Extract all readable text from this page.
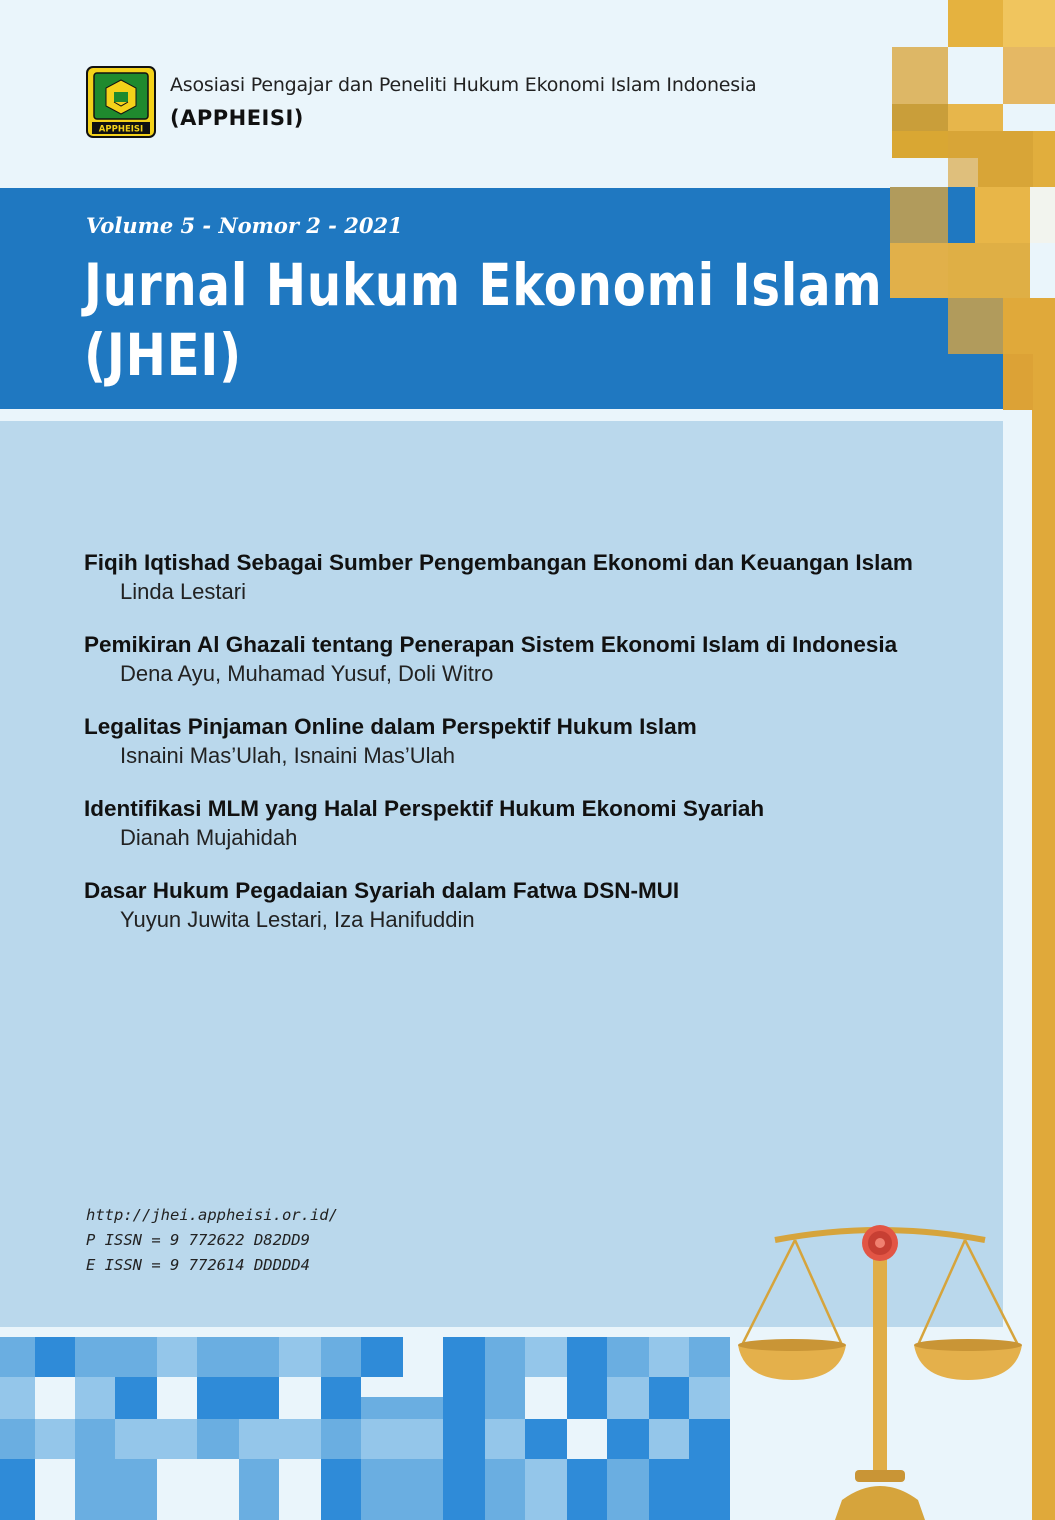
APPHEISI
Asosiasi Pengajar dan Peneliti Hukum Ekonomi Islam Indonesia
(APPHEISI)
Volume 5 - Nomor 2 - 2021
Jurnal Hukum Ekonomi Islam
(JHEI)
Fiqih Iqtishad Sebagai Sumber Pengembangan Ekonomi dan Keuangan Islam
Linda Lestari
Pemikiran Al Ghazali tentang Penerapan Sistem Ekonomi Islam di Indonesia
Dena Ayu, Muhamad Yusuf, Doli Witro
Legalitas Pinjaman Online dalam Perspektif Hukum Islam
Isnaini Mas’Ulah, Isnaini Mas’Ulah
Identifikasi MLM yang Halal Perspektif Hukum Ekonomi Syariah
Dianah Mujahidah
Dasar Hukum Pegadaian Syariah dalam Fatwa DSN-MUI
Yuyun Juwita Lestari, Iza Hanifuddin
http://jhei.appheisi.or.id/
P ISSN = 9 772622 D82DD9
E ISSN = 9 772614 DDDDD4
